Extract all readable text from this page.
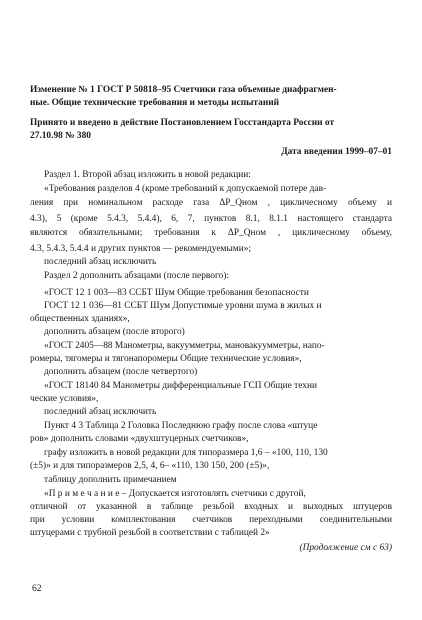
Изменение № 1 ГОСТ Р 50818–95 Счетчики газа объемные диафрагмен-
ные. Общие технические требования и методы испытаний
Принято и введено в действие Постановлением Госстандарта России от
27.10.98 № 380
Дата введения 1999–07–01
Раздел 1. Второй абзац изложить в новой редакции:
«Требования разделов 4 (кроме требований к допускаемой потере дав-
ления при номинальном расходе газа ΔP_Qном , цикличесному объему и
4.3), 5 (кроме 5.4.3, 5.4.4), 6, 7, пунктов 8.1, 8.1.1 настоящего стандарта
являются обязательными; требования к ΔP_Qном , цикличесному объему,
4.3, 5.4.3, 5.4.4 и других пунктов — рекомендуемыми»;
последний абзац исключить
Раздел 2 дополнить абзацами (после первого):
«ГОСТ 12 1 003—83 ССБТ Шум Общие требования безопасности
ГОСТ 12 1 036—81 ССБТ Шум Допустимые уровни шума в жилых и
общественных зданиях»,
дополнить абзацем (после второго)
«ГОСТ 2405—88 Манометры, вакуумметры, мановакуумметры, напо-
ромеры, тягомеры и тягонапоромеры Общие технические условия»,
дополнить абзацем (после четвертого)
«ГОСТ 18140 84 Манометры дифференциальные ГСП Общие техни
ческие условия»,
последний абзац исключить
Пункт 4 3 Таблица 2 Головка Последнюю графу после слова «штуце
ров» дополнить словами «двухштуцерных счетчиков»,
графу изложить в новой редакции для типоразмера 1,6 – «100, 110, 130
(±5)» и для типоразмеров 2,5, 4, 6– «110, 130 150, 200 (±5)»,
таблицу дополнить примечанием
«П р и м е ч а н и е – Допускается изготовлять счетчики с другой,
отличной от указанной в таблице резьбой входных и выходных штуцеров
при условии комплектования счетчиков переходными соединительными
штуцерами с трубной резьбой в соответствии с таблицей 2»
(Продолжение см с 63)
62
